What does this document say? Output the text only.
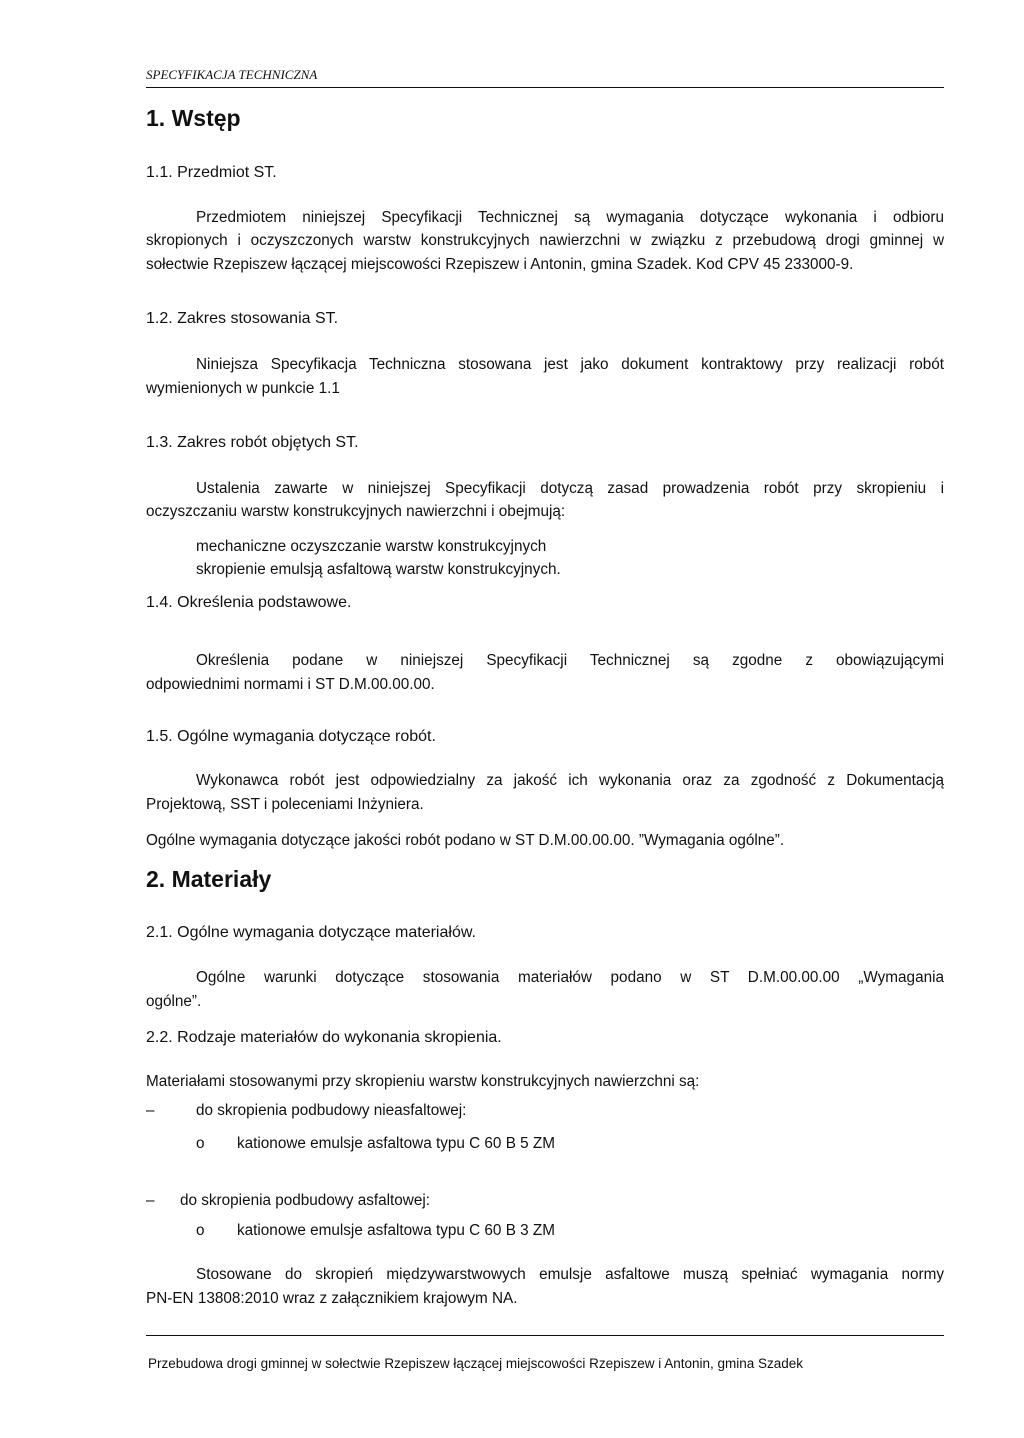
SPECYFIKACJA TECHNICZNA
1. Wstęp
1.1. Przedmiot ST.
Przedmiotem niniejszej Specyfikacji Technicznej są wymagania dotyczące wykonania i odbioru
skropionych i oczyszczonych warstw konstrukcyjnych nawierzchni w związku z przebudową drogi gminnej w
sołectwie Rzepiszew łączącej miejscowości Rzepiszew i Antonin, gmina Szadek. Kod CPV 45 233000-9.
1.2. Zakres stosowania ST.
Niniejsza Specyfikacja Techniczna stosowana jest jako dokument kontraktowy przy realizacji robót
wymienionych w punkcie 1.1
1.3. Zakres robót objętych ST.
Ustalenia zawarte w niniejszej Specyfikacji dotyczą zasad prowadzenia robót przy skropieniu i
oczyszczaniu warstw konstrukcyjnych nawierzchni i obejmują:
mechaniczne oczyszczanie warstw konstrukcyjnych
skropienie emulsją asfaltową warstw konstrukcyjnych.
1.4. Określenia podstawowe.
Określenia podane w niniejszej Specyfikacji Technicznej są zgodne z obowiązującymi
odpowiednimi normami i ST D.M.00.00.00.
1.5. Ogólne wymagania dotyczące robót.
Wykonawca robót jest odpowiedzialny za jakość ich wykonania oraz za zgodność z Dokumentacją
Projektową, SST i poleceniami Inżyniera.
Ogólne wymagania dotyczące jakości robót podano w ST D.M.00.00.00. ”Wymagania ogólne”.
2. Materiały
2.1. Ogólne wymagania dotyczące materiałów.
Ogólne warunki dotyczące stosowania materiałów podano w ST D.M.00.00.00 „Wymagania
ogólne”.
2.2. Rodzaje materiałów do wykonania skropienia.
Materiałami stosowanymi przy skropieniu warstw konstrukcyjnych nawierzchni są:
–	do skropienia podbudowy nieasfaltowej:
o kationowe emulsje asfaltowa typu C 60 B 5 ZM
– do skropienia podbudowy asfaltowej:
o kationowe emulsje asfaltowa typu C 60 B 3 ZM
Stosowane do skropień międzywarstwowych emulsje asfaltowe muszą spełniać wymagania normy
PN-EN 13808:2010 wraz z załącznikiem krajowym NA.
Przebudowa drogi gminnej w sołectwie Rzepiszew łączącej miejscowości Rzepiszew i Antonin, gmina Szadek
